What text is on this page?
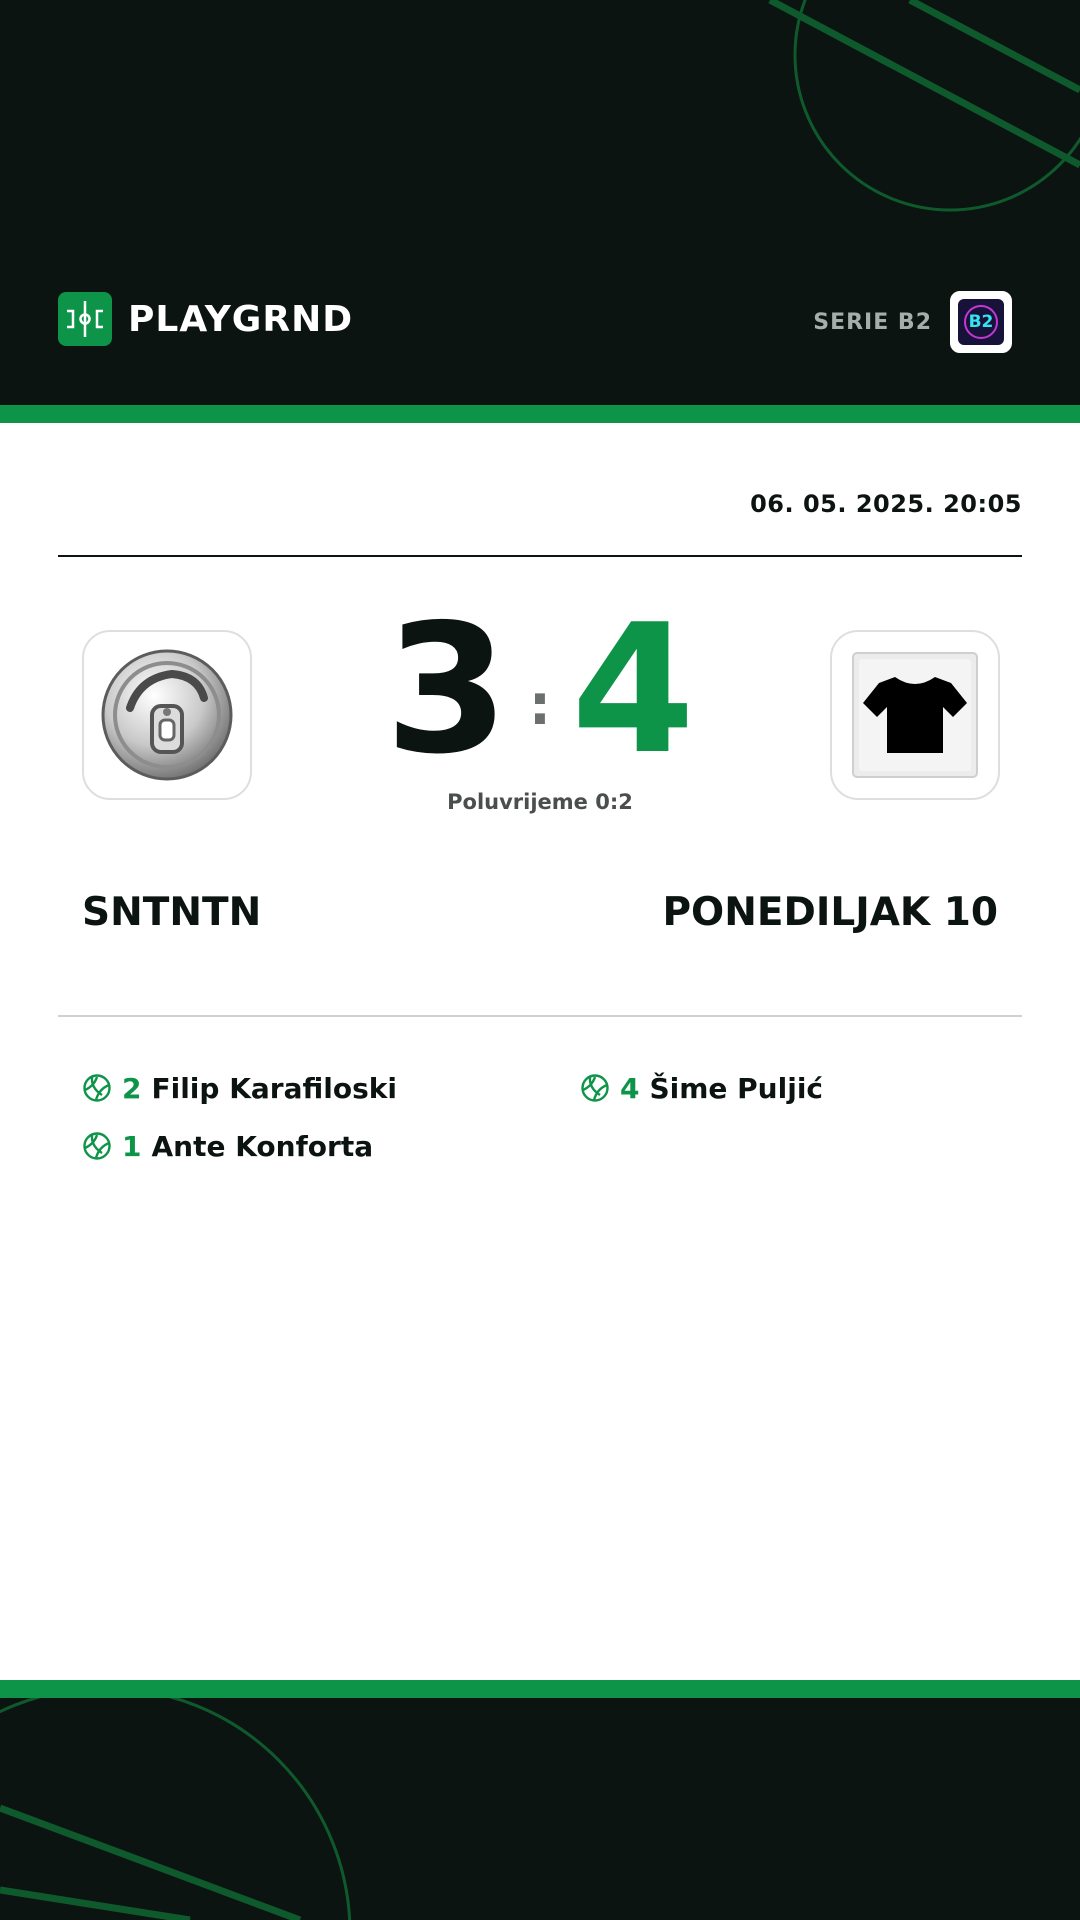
PLAYGRND	SERIE B2 B2
06. 05. 2025. 20:05
3 : 4
Poluvrijeme 0:2
SNTNTN	PONEDILJAK 10
2 Filip Karafiloski
1 Ante Konforta
4 Šime Puljić
